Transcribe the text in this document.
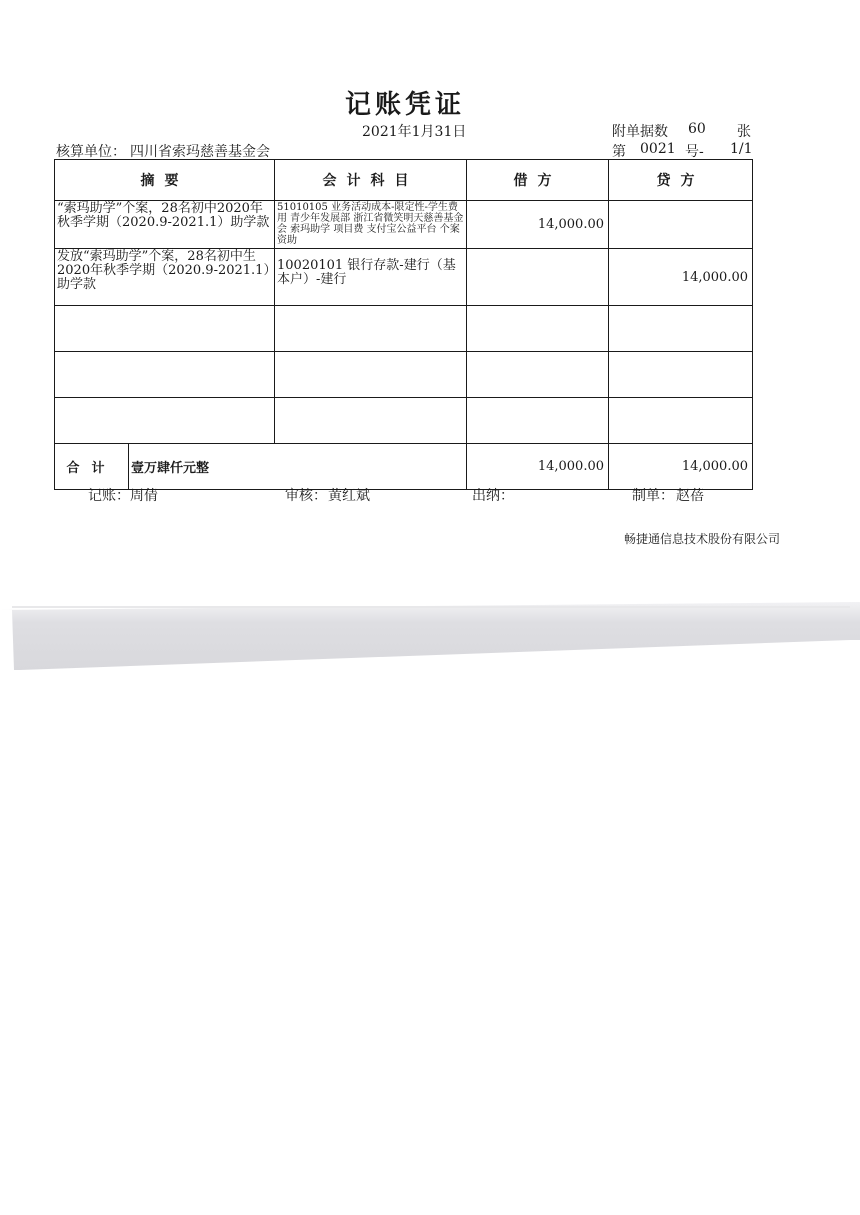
记账凭证
2021年1月31日	附单据数 60 张
核算单位： 四川省索玛慈善基金会	第 0021 号- 1/1
摘要		会计科目	借方	贷方
“索玛助学”个案，28名初中2020年秋季学期（2020.9-2021.1）助学款		51010105 业务活动成本-限定性-学生费用 青少年发展部 浙江省微笑明天慈善基金会 索玛助学 项目费 支付宝公益平台 个案资助	14,000.00	
发放“索玛助学”个案，28名初中生2020年秋季学期（2020.9-2021.1）助学款		10020101 银行存款-建行（基本户）-建行		14,000.00

合计	壹万肆仟元整		14,000.00	14,000.00
记账： 周倩	审核： 黄红斌	出纳：	制单： 赵蓓
畅捷通信息技术股份有限公司
